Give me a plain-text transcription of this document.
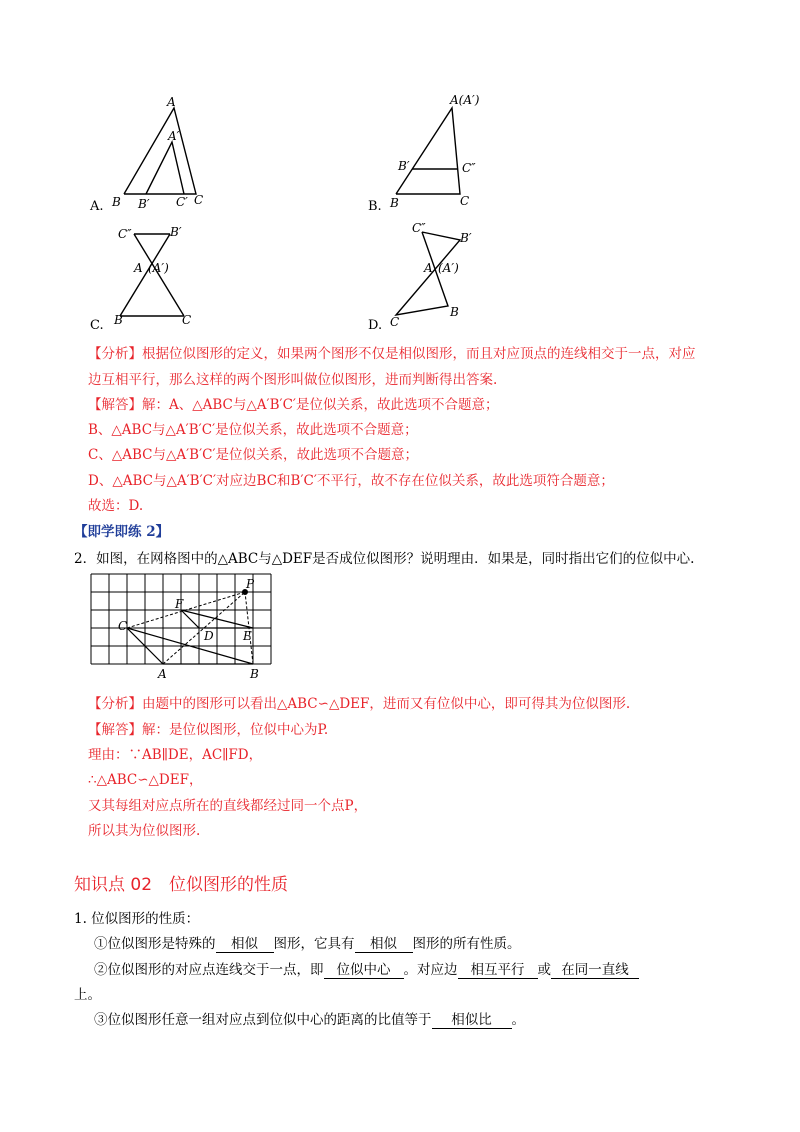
A.
A
A′
B B′ C′ C	B.
A(A′)
B′	C″
B	C
C.
C″	B′
A (A′)
B	C	D.
C″
B′
A (A′)
C
B
【分析】根据位似图形的定义，如果两个图形不仅是相似图形，而且对应顶点的连线相交于一点，对应
边互相平行，那么这样的两个图形叫做位似图形，进而判断得出答案.
【解答】解：A、△ABC与△A′B′C′是位似关系，故此选项不合题意；
B、△ABC与△A′B′C′是位似关系，故此选项不合题意；
C、△ABC与△A′B′C′是位似关系，故此选项不合题意；
D、△ABC与△A′B′C′对应边BC和B′C′不平行，故不存在位似关系，故此选项符合题意；
故选：D.
【即学即练 2】
2．如图，在网格图中的△ABC与△DEF是否成位似图形？说明理由．如果是，同时指出它们的位似中心.
P
F
C
D E
A	B
【分析】由题中的图形可以看出△ABC∽△DEF，进而又有位似中心，即可得其为位似图形.
【解答】解：是位似图形，位似中心为P.
理由：∵AB∥DE，AC∥FD，
∴△ABC∽△DEF，
又其每组对应点所在的直线都经过同一个点P，
所以其为位似图形.
知识点 02　位似图形的性质
1. 位似图形的性质：
①位似图形是特殊的 相似 图形，它具有 相似 图形的所有性质。
②位似图形的对应点连线交于一点，即 位似中心 。对应边 相互平行 或 在同一直线
上。
③位似图形任意一组对应点到位似中心的距离的比值等于 相似比 。
